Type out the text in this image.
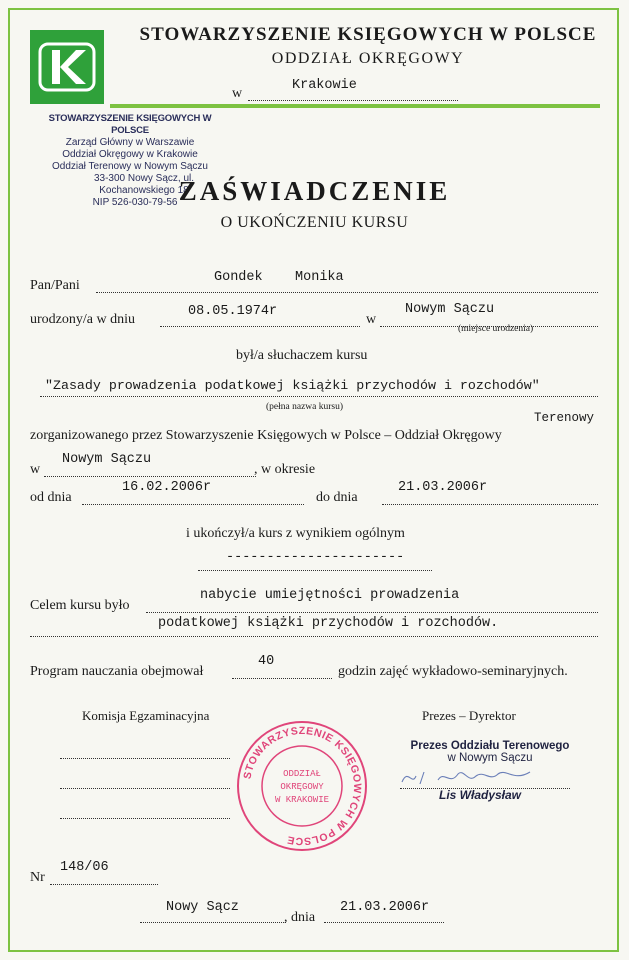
STOWARZYSZENIE KSIĘGOWYCH W POLSCE
ODDZIAŁ OKRĘGOWY
w
Krakowie
STOWARZYSZENIE KSIĘGOWYCH W POLSCE
Zarząd Główny w Warszawie
Oddział Okręgowy w Krakowie
Oddział Terenowy w Nowym Sączu
33-300 Nowy Sącz, ul. Kochanowskiego 18
NIP 526-030-79-56 ZAŚWIADCZENIE
O UKOŃCZENIU KURSU
Pan/Pani
Gondek    Monika
urodzony/a w dniu
08.05.1974r
w
Nowym Sączu
(miejsce urodzenia)
był/a słuchaczem kursu
"Zasady prowadzenia podatkowej książki przychodów i rozchodów"
(pełna nazwa kursu)
Terenowy
zorganizowanego przez Stowarzyszenie Księgowych w Polsce – Oddział Okręgowy
w
Nowym Sączu
, w okresie
od dnia
16.02.2006r
do dnia
21.03.2006r
i ukończył/a kurs z wynikiem ogólnym
----------------------
Celem kursu było
nabycie umiejętności prowadzenia
podatkowej książki przychodów i rozchodów.
Program nauczania obejmował
40
godzin zajęć wykładowo-seminaryjnych.
Komisja Egzaminacyjna	Prezes – Dyrektor
Prezes Oddziału Terenowego
w Nowym Sączu
Lis Władysław
STOWARZYSZENIE KSIĘGOWYCH W POLSCE
ODDZIAŁ
OKRĘGOWY
W KRAKOWIE
Nr
148/06
Nowy Sącz
, dnia
21.03.2006r
